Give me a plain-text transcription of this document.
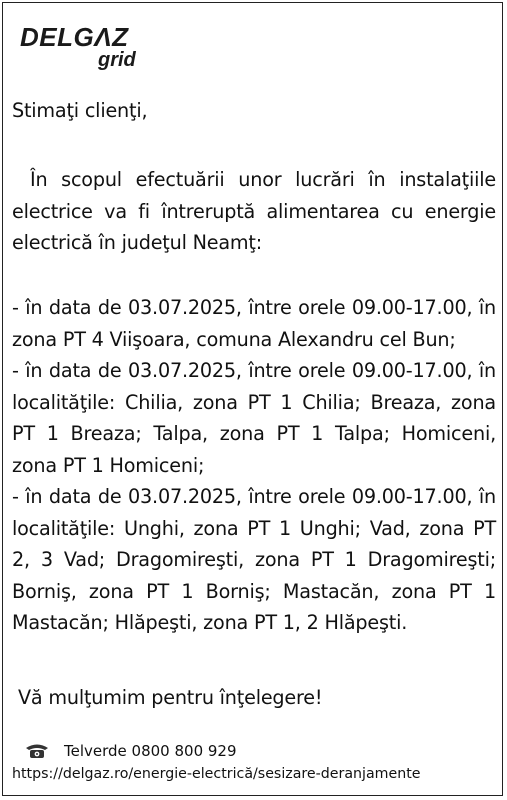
DELGΛZ
grid
Stimaţi clienţi,
În scopul efectuării unor lucrări în instalaţiile electrice va fi întreruptă alimentarea cu energie electrică în judeţul Neamţ:

- în data de 03.07.2025, între orele 09.00-17.00, în zona PT 4 Viişoara, comuna Alexandru cel Bun;

- în data de 03.07.2025, între orele 09.00-17.00, în localităţile: Chilia, zona PT 1 Chilia; Breaza, zona PT 1 Breaza; Talpa, zona PT 1 Talpa; Homiceni, zona PT 1 Homiceni;

- în data de 03.07.2025, între orele 09.00-17.00, în localităţile: Unghi, zona PT 1 Unghi; Vad, zona PT 2, 3 Vad; Dragomireşti, zona PT 1 Dragomireşti; Borniş, zona PT 1 Borniş; Mastacăn, zona PT 1 Mastacăn; Hlăpeşti, zona PT 1, 2 Hlăpeşti.

Vă mulţumim pentru înţelegere!
Telverde 0800 800 929
https://delgaz.ro/energie-electrică/sesizare-deranjamente
